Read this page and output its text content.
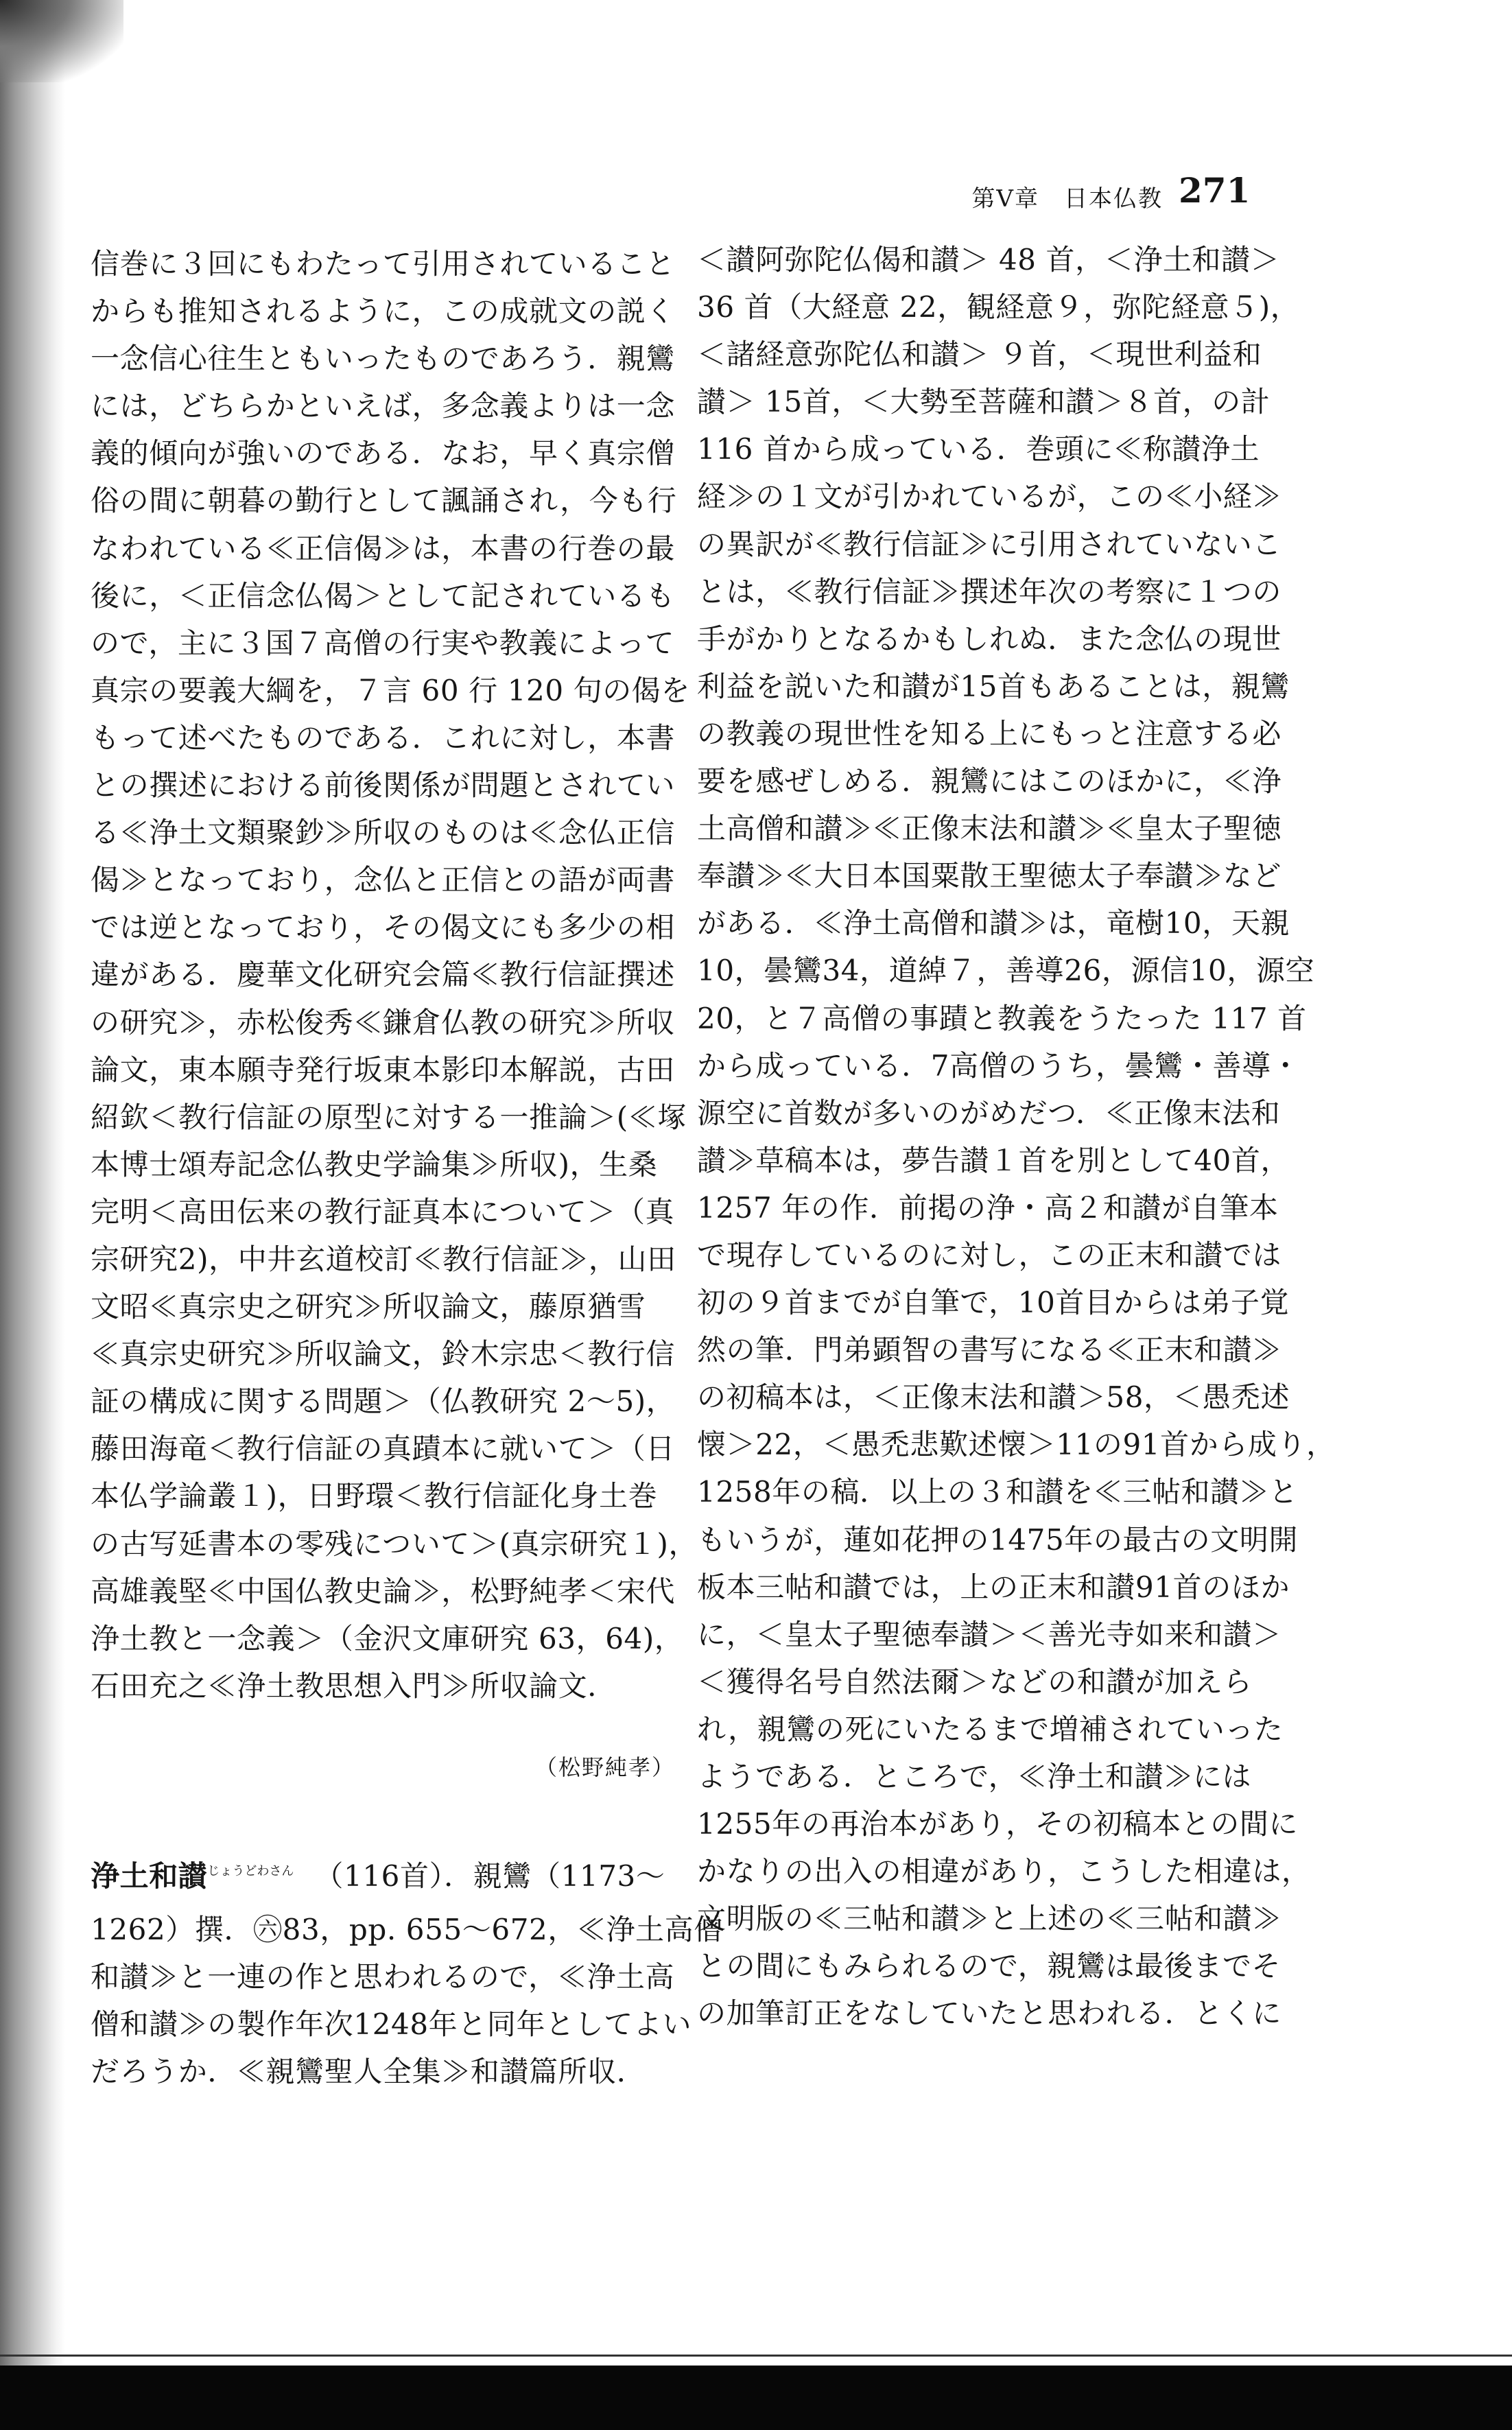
第V章　日本仏教 271
信巻に３回にもわたって引用されていること
からも推知されるように，この成就文の説く
一念信心往生ともいったものであろう．親鸞
には，どちらかといえば，多念義よりは一念
義的傾向が強いのである．なお，早く真宗僧
俗の間に朝暮の勤行として諷誦され，今も行
なわれている≪正信偈≫は，本書の行巻の最
後に，＜正信念仏偈＞として記されているも
ので，主に３国７高僧の行実や教義によって
真宗の要義大綱を，７言 60 行 120 句の偈を
もって述べたものである．これに対し，本書
との撰述における前後関係が問題とされてい
る≪浄土文類聚鈔≫所収のものは≪念仏正信
偈≫となっており，念仏と正信との語が両書
では逆となっており，その偈文にも多少の相
違がある．慶華文化研究会篇≪教行信証撰述
の研究≫，赤松俊秀≪鎌倉仏教の研究≫所収
論文，東本願寺発行坂東本影印本解説，古田
紹欽＜教行信証の原型に対する一推論＞(≪塚
本博士頌寿記念仏教史学論集≫所収)，生桑
完明＜高田伝来の教行証真本について＞（真
宗研究2)，中井玄道校訂≪教行信証≫，山田
文昭≪真宗史之研究≫所収論文，藤原猶雪
≪真宗史研究≫所収論文，鈴木宗忠＜教行信
証の構成に関する問題＞（仏教研究 2～5)，
藤田海竜＜教行信証の真蹟本に就いて＞（日
本仏学論叢１)，日野環＜教行信証化身土巻
の古写延書本の零残について＞(真宗研究１)，
高雄義堅≪中国仏教史論≫，松野純孝＜宋代
浄土教と一念義＞（金沢文庫研究 63，64)，
石田充之≪浄土教思想入門≫所収論文．
（松野純孝）
浄土和讃$^{じょうどわさん}$ （116首）．親鸞（1173～
1262）撰．㊅83，pp. 655～672，≪浄土高僧
和讃≫と一連の作と思われるので，≪浄土高
僧和讃≫の製作年次1248年と同年としてよい
だろうか．≪親鸞聖人全集≫和讃篇所収．
＜讃阿弥陀仏偈和讃＞ 48 首，＜浄土和讃＞
36 首（大経意 22，観経意９，弥陀経意５)，
＜諸経意弥陀仏和讃＞ ９首，＜現世利益和
讃＞ 15首，＜大勢至菩薩和讃＞８首，の計
116 首から成っている．巻頭に≪称讃浄土
経≫の１文が引かれているが，この≪小経≫
の異訳が≪教行信証≫に引用されていないこ
とは，≪教行信証≫撰述年次の考察に１つの
手がかりとなるかもしれぬ．また念仏の現世
利益を説いた和讃が15首もあることは，親鸞
の教義の現世性を知る上にもっと注意する必
要を感ぜしめる．親鸞にはこのほかに，≪浄
土高僧和讃≫≪正像末法和讃≫≪皇太子聖徳
奉讃≫≪大日本国粟散王聖徳太子奉讃≫など
がある．≪浄土高僧和讃≫は，竜樹10，天親
10，曇鸞34，道綽７，善導26，源信10，源空
20，と７高僧の事蹟と教義をうたった 117 首
から成っている．7高僧のうち，曇鸞・善導・
源空に首数が多いのがめだつ．≪正像末法和
讃≫草稿本は，夢告讃１首を別として40首，
1257 年の作．前掲の浄・高２和讃が自筆本
で現存しているのに対し，この正末和讃では
初の９首までが自筆で，10首目からは弟子覚
然の筆．門弟顕智の書写になる≪正末和讃≫
の初稿本は，＜正像末法和讃＞58，＜愚禿述
懐＞22，＜愚禿悲歎述懐＞11の91首から成り，
1258年の稿．以上の３和讃を≪三帖和讃≫と
もいうが，蓮如花押の1475年の最古の文明開
板本三帖和讃では，上の正末和讃91首のほか
に，＜皇太子聖徳奉讃＞＜善光寺如来和讃＞
＜獲得名号自然法爾＞などの和讃が加えら
れ，親鸞の死にいたるまで増補されていった
ようである．ところで，≪浄土和讃≫には
1255年の再治本があり，その初稿本との間に
かなりの出入の相違があり，こうした相違は，
文明版の≪三帖和讃≫と上述の≪三帖和讃≫
との間にもみられるので，親鸞は最後までそ
の加筆訂正をなしていたと思われる．とくに
